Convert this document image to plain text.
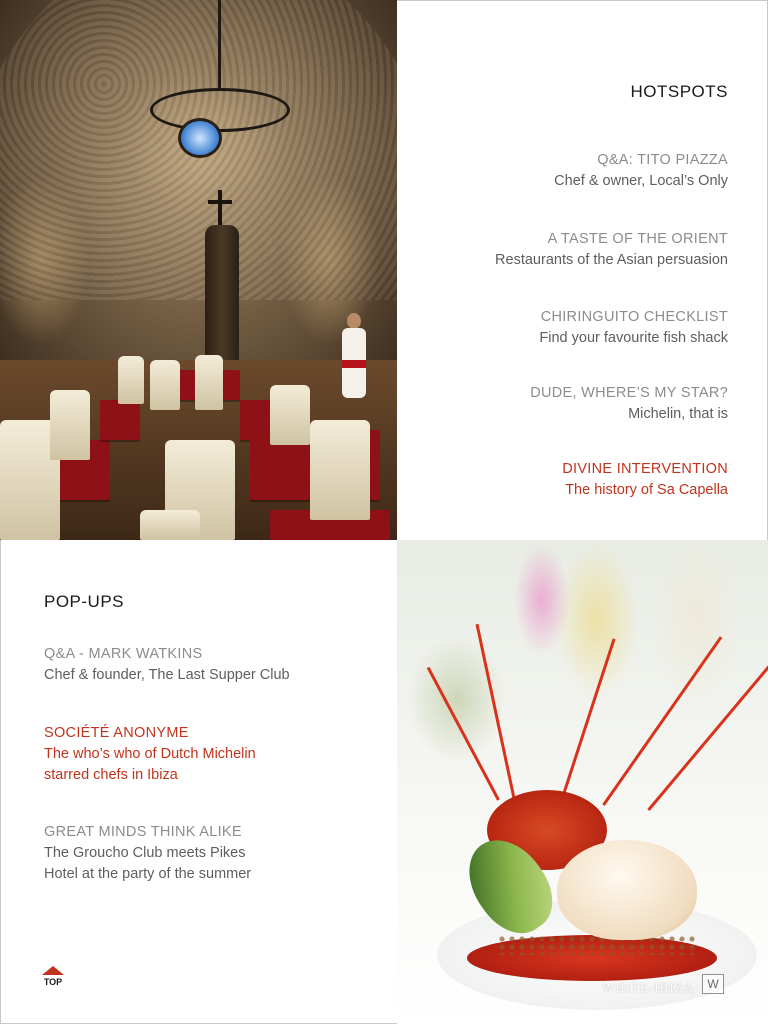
HOTSPOTS
Q&A: TITO PIAZZA
Chef & owner, Local’s Only
A TASTE OF THE ORIENT
Restaurants of the Asian persuasion
CHIRINGUITO CHECKLIST
Find your favourite fish shack
DUDE, WHERE’S MY STAR?
Michelin, that is
DIVINE INTERVENTION
The history of Sa Capella
POP-UPS
Q&A - MARK WATKINS
Chef & founder, The Last Supper Club
SOCIÉTÉ ANONYME
The who’s who of Dutch Michelin
starred chefs in Ibiza
GREAT MINDS THINK ALIKE
The Groucho Club meets Pikes
Hotel at the party of the summer
TOP	WHITE-IBIZA	W
